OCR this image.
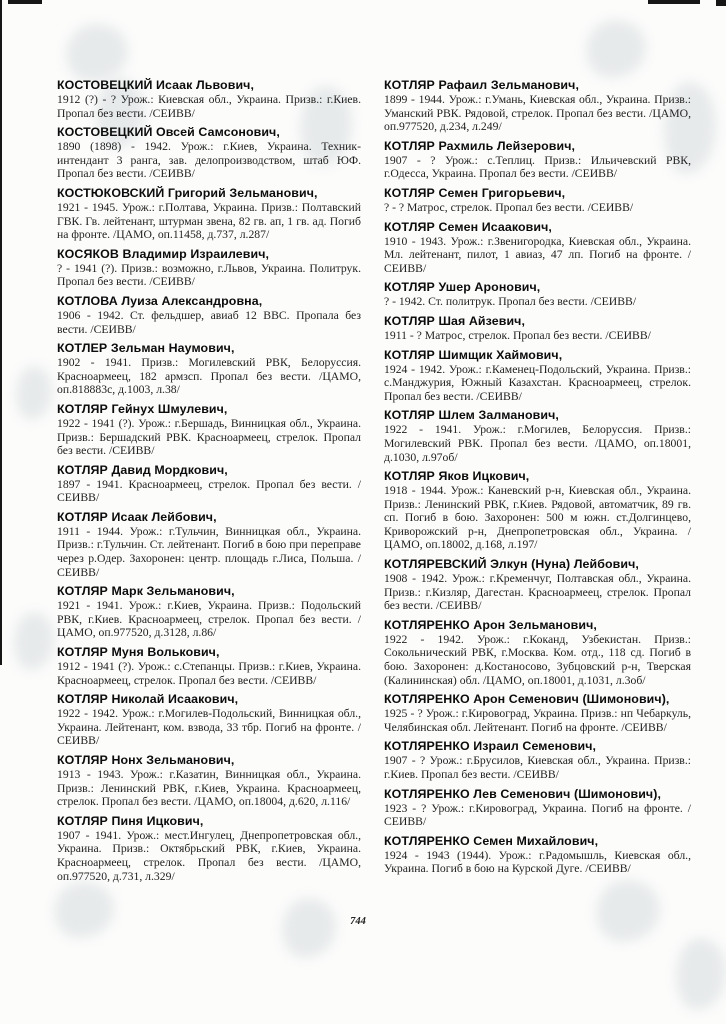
КОСТОВЕЦКИЙ Исаак Львович,
1912 (?) - ? Урож.: Киевская обл., Украина. Призв.: г.Киев. Пропал без вести. /СЕИВВ/
КОСТОВЕЦКИЙ Овсей Самсонович,
1890 (1898) - 1942. Урож.: г.Киев, Украина. Техник-интендант 3 ранга, зав. делопроизводством, штаб ЮФ. Пропал без вести. /СЕИВВ/
КОСТЮКОВСКИЙ Григорий Зельманович,
1921 - 1945. Урож.: г.Полтава, Украина. Призв.: Полтавский ГВК. Гв. лейтенант, штурман звена, 82 гв. ап, 1 гв. ад. Погиб на фронте. /ЦАМО, оп.11458, д.737, л.287/
КОСЯКОВ Владимир Израилевич,
? - 1941 (?). Призв.: возможно, г.Львов, Украина. Политрук. Пропал без вести. /СЕИВВ/
КОТЛОВА Луиза Александровна,
1906 - 1942. Ст. фельдшер, авиаб 12 ВВС. Пропала без вести. /СЕИВВ/
КОТЛЕР Зельман Наумович,
1902 - 1941. Призв.: Могилевский РВК, Белоруссия. Красноармеец, 182 армзсп. Пропал без вести. /ЦАМО, оп.818883с, д.1003, л.38/
КОТЛЯР Гейнух Шмулевич,
1922 - 1941 (?). Урож.: г.Бершадь, Винницкая обл., Украина. Призв.: Бершадский РВК. Красноармеец, стрелок. Пропал без вести. /СЕИВВ/
КОТЛЯР Давид Мордкович,
1897 - 1941. Красноармеец, стрелок. Пропал без вести. /СЕИВВ/
КОТЛЯР Исаак Лейбович,
1911 - 1944. Урож.: г.Тульчин, Винницкая обл., Украина. Призв.: г.Тульчин. Ст. лейтенант. Погиб в бою при переправе через р.Одер. Захоронен: центр. площадь г.Лиса, Польша. /СЕИВВ/
КОТЛЯР Марк Зельманович,
1921 - 1941. Урож.: г.Киев, Украина. Призв.: Подольский РВК, г.Киев. Красноармеец, стрелок. Пропал без вести. /ЦАМО, оп.977520, д.3128, л.86/
КОТЛЯР Муня Волькович,
1912 - 1941 (?). Урож.: с.Степанцы. Призв.: г.Киев, Украина. Красноармеец, стрелок. Пропал без вести. /СЕИВВ/
КОТЛЯР Николай Исаакович,
1922 - 1942. Урож.: г.Могилев-Подольский, Винницкая обл., Украина. Лейтенант, ком. взвода, 33 тбр. Погиб на фронте. /СЕИВВ/
КОТЛЯР Нонх Зельманович,
1913 - 1943. Урож.: г.Казатин, Винницкая обл., Украина. Призв.: Ленинский РВК, г.Киев, Украина. Красноармеец, стрелок. Пропал без вести. /ЦАМО, оп.18004, д.620, л.116/
КОТЛЯР Пиня Ицкович,
1907 - 1941. Урож.: мест.Ингулец, Днепропетровская обл., Украина. Призв.: Октябрьский РВК, г.Киев, Украина. Красноармеец, стрелок. Пропал без вести. /ЦАМО, оп.977520, д.731, л.329/
КОТЛЯР Рафаил Зельманович,
1899 - 1944. Урож.: г.Умань, Киевская обл., Украина. Призв.: Уманский РВК. Рядовой, стрелок. Пропал без вести. /ЦАМО, оп.977520, д.234, л.249/
КОТЛЯР Рахмиль Лейзерович,
1907 - ? Урож.: с.Теплиц. Призв.: Ильичевский РВК, г.Одесса, Украина. Пропал без вести. /СЕИВВ/
КОТЛЯР Семен Григорьевич,
? - ? Матрос, стрелок. Пропал без вести. /СЕИВВ/
КОТЛЯР Семен Исаакович,
1910 - 1943. Урож.: г.Звенигородка, Киевская обл., Украина. Мл. лейтенант, пилот, 1 авиаз, 47 лп. Погиб на фронте. /СЕИВВ/
КОТЛЯР Ушер Аронович,
? - 1942. Ст. политрук. Пропал без вести. /СЕИВВ/
КОТЛЯР Шая Айзевич,
1911 - ? Матрос, стрелок. Пропал без вести. /СЕИВВ/
КОТЛЯР Шимщик Хаймович,
1924 - 1942. Урож.: г.Каменец-Подольский, Украина. Призв.: с.Манджурия, Южный Казахстан. Красноармеец, стрелок. Пропал без вести. /СЕИВВ/
КОТЛЯР Шлем Залманович,
1922 - 1941. Урож.: г.Могилев, Белоруссия. Призв.: Могилевский РВК. Пропал без вести. /ЦАМО, оп.18001, д.1030, л.97об/
КОТЛЯР Яков Ицкович,
1918 - 1944. Урож.: Каневский р-н, Киевская обл., Украина. Призв.: Ленинский РВК, г.Киев. Рядовой, автоматчик, 89 гв. сп. Погиб в бою. Захоронен: 500 м южн. ст.Долгинцево, Криворожский р-н, Днепропетровская обл., Украина. /ЦАМО, оп.18002, д.168, л.197/
КОТЛЯРЕВСКИЙ Элкун (Нуна) Лейбович,
1908 - 1942. Урож.: г.Кременчуг, Полтавская обл., Украина. Призв.: г.Кизляр, Дагестан. Красноармеец, стрелок. Пропал без вести. /СЕИВВ/
КОТЛЯРЕНКО Арон Зельманович,
1922 - 1942. Урож.: г.Коканд, Узбекистан. Призв.: Сокольнический РВК, г.Москва. Ком. отд., 118 сд. Погиб в бою. Захоронен: д.Костаносово, Зубцовский р-н, Тверская (Калининская) обл. /ЦАМО, оп.18001, д.1031, л.3об/
КОТЛЯРЕНКО Арон Семенович (Шимонович),
1925 - ? Урож.: г.Кировоград, Украина. Призв.: нп Чебаркуль, Челябинская обл. Лейтенант. Погиб на фронте. /СЕИВВ/
КОТЛЯРЕНКО Израил Семенович,
1907 - ? Урож.: г.Брусилов, Киевская обл., Украина. Призв.: г.Киев. Пропал без вести. /СЕИВВ/
КОТЛЯРЕНКО Лев Семенович (Шимонович),
1923 - ? Урож.: г.Кировоград, Украина. Погиб на фронте. /СЕИВВ/
КОТЛЯРЕНКО Семен Михайлович,
1924 - 1943 (1944). Урож.: г.Радомышль, Киевская обл., Украина. Погиб в бою на Курской Дуге. /СЕИВВ/
744
